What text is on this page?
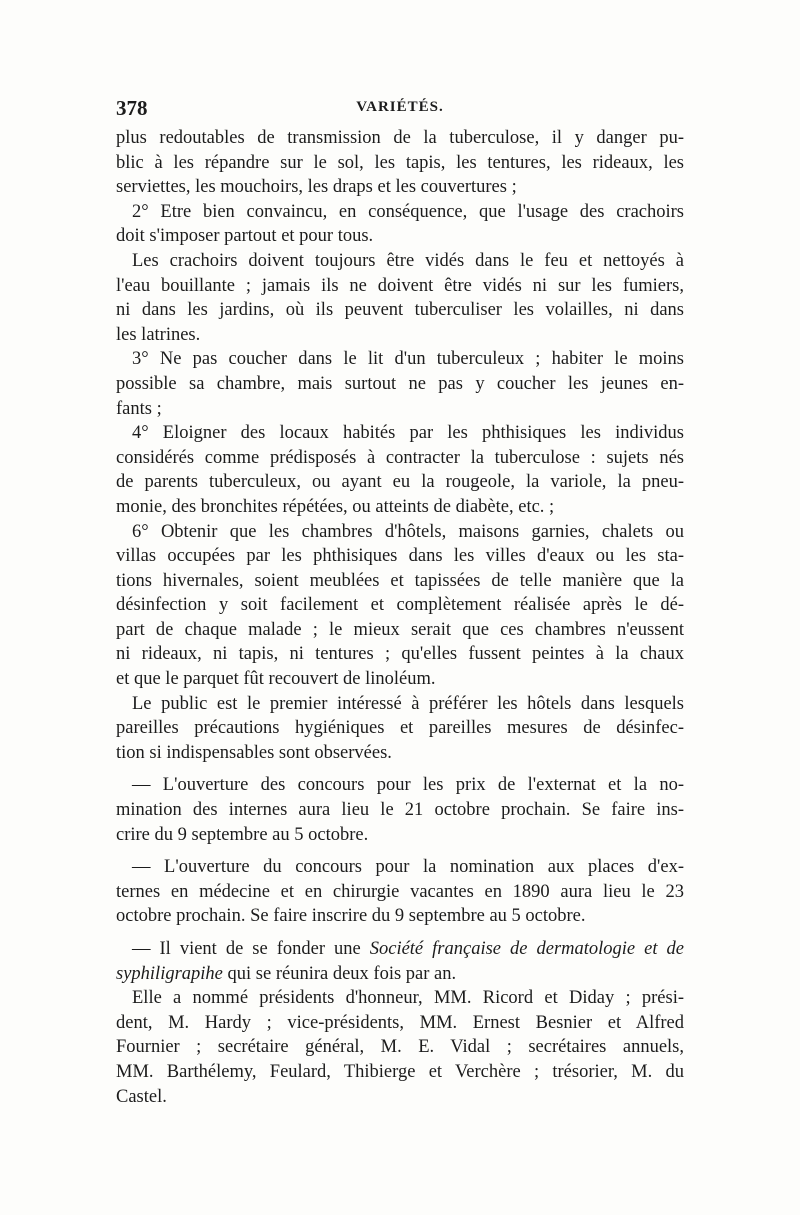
378	VARIÉTÉS.
plus redoutables de transmission de la tuberculose, il y danger pu-
blic à les répandre sur le sol, les tapis, les tentures, les rideaux, les
serviettes, les mouchoirs, les draps et les couvertures ;
2° Etre bien convaincu, en conséquence, que l'usage des crachoirs
doit s'imposer partout et pour tous.
Les crachoirs doivent toujours être vidés dans le feu et nettoyés à
l'eau bouillante ; jamais ils ne doivent être vidés ni sur les fumiers,
ni dans les jardins, où ils peuvent tuberculiser les volailles, ni dans
les latrines.
3° Ne pas coucher dans le lit d'un tuberculeux ; habiter le moins
possible sa chambre, mais surtout ne pas y coucher les jeunes en-
fants ;
4° Eloigner des locaux habités par les phthisiques les individus
considérés comme prédisposés à contracter la tuberculose : sujets nés
de parents tuberculeux, ou ayant eu la rougeole, la variole, la pneu-
monie, des bronchites répétées, ou atteints de diabète, etc. ;
6° Obtenir que les chambres d'hôtels, maisons garnies, chalets ou
villas occupées par les phthisiques dans les villes d'eaux ou les sta-
tions hivernales, soient meublées et tapissées de telle manière que la
désinfection y soit facilement et complètement réalisée après le dé-
part de chaque malade ; le mieux serait que ces chambres n'eussent
ni rideaux, ni tapis, ni tentures ; qu'elles fussent peintes à la chaux
et que le parquet fût recouvert de linoléum.
Le public est le premier intéressé à préférer les hôtels dans lesquels
pareilles précautions hygiéniques et pareilles mesures de désinfec-
tion si indispensables sont observées.
— L'ouverture des concours pour les prix de l'externat et la no-
mination des internes aura lieu le 21 octobre prochain. Se faire ins-
crire du 9 septembre au 5 octobre.
— L'ouverture du concours pour la nomination aux places d'ex-
ternes en médecine et en chirurgie vacantes en 1890 aura lieu le 23
octobre prochain. Se faire inscrire du 9 septembre au 5 octobre.
— Il vient de se fonder une Société française de dermatologie et de
syphiligrapihe qui se réunira deux fois par an.
Elle a nommé présidents d'honneur, MM. Ricord et Diday ; prési-
dent, M. Hardy ; vice-présidents, MM. Ernest Besnier et Alfred
Fournier ; secrétaire général, M. E. Vidal ; secrétaires annuels,
MM. Barthélemy, Feulard, Thibierge et Verchère ; trésorier, M. du
Castel.
